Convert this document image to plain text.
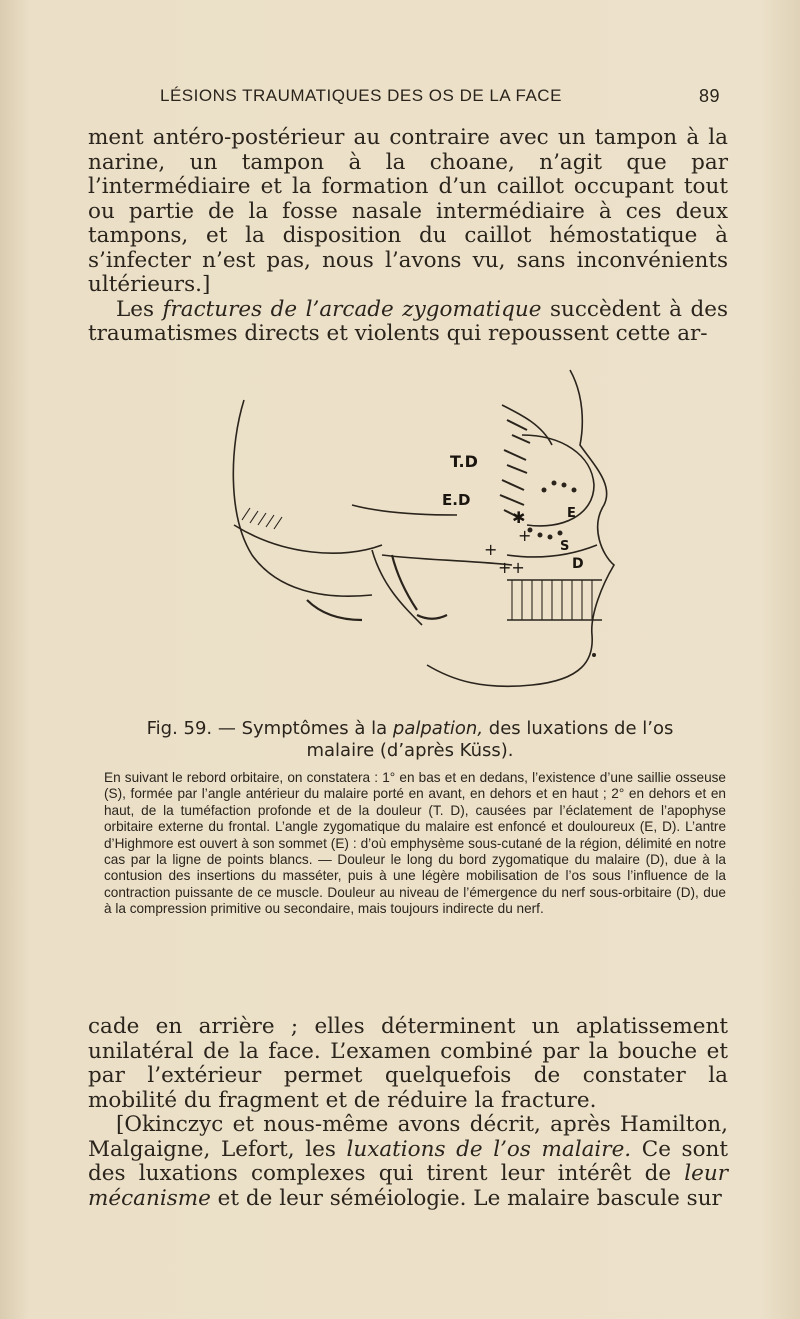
LÉSIONS TRAUMATIQUES DES OS DE LA FACE	89

ment antéro-postérieur au contraire avec un tampon à la narine, un tampon à la choane, n’agit que par l’intermédiaire et la formation d’un caillot occupant tout ou partie de la fosse nasale intermédiaire à ces deux tampons, et la disposition du caillot hémostatique à s’infecter n’est pas, nous l’avons vu, sans inconvénients ultérieurs.]

Les fractures de l’arcade zygomatique succèdent à des traumatismes directs et violents qui repoussent cette ar-

T.D
E.D
E
S
D
+
+
++
✱
Fig. 59. — Symptômes à la palpation, des luxations de l’os malaire (d’après Küss).

En suivant le rebord orbitaire, on constatera : 1° en bas et en dedans, l’existence d’une saillie osseuse (S), formée par l’angle antérieur du malaire porté en avant, en dehors et en haut ; 2° en dehors et en haut, de la tuméfaction profonde et de la douleur (T. D), causées par l’éclatement de l’apophyse orbitaire externe du frontal. L’angle zygomatique du malaire est enfoncé et douloureux (E, D). L’antre d’Highmore est ouvert à son sommet (E) : d’où emphysème sous-cutané de la région, délimité en notre cas par la ligne de points blancs. — Douleur le long du bord zygomatique du malaire (D), due à la contusion des insertions du masséter, puis à une légère mobilisation de l’os sous l’influence de la contraction puissante de ce muscle. Douleur au niveau de l’émergence du nerf sous-orbitaire (D), due à la compression primitive ou secondaire, mais toujours indirecte du nerf.

cade en arrière ; elles déterminent un aplatissement unilatéral de la face. L’examen combiné par la bouche et par l’extérieur permet quelquefois de constater la mobilité du fragment et de réduire la fracture.

[Okinczyc et nous-même avons décrit, après Hamilton, Malgaigne, Lefort, les luxations de l’os malaire. Ce sont des luxations complexes qui tirent leur intérêt de leur mécanisme et de leur séméiologie. Le malaire bascule sur
